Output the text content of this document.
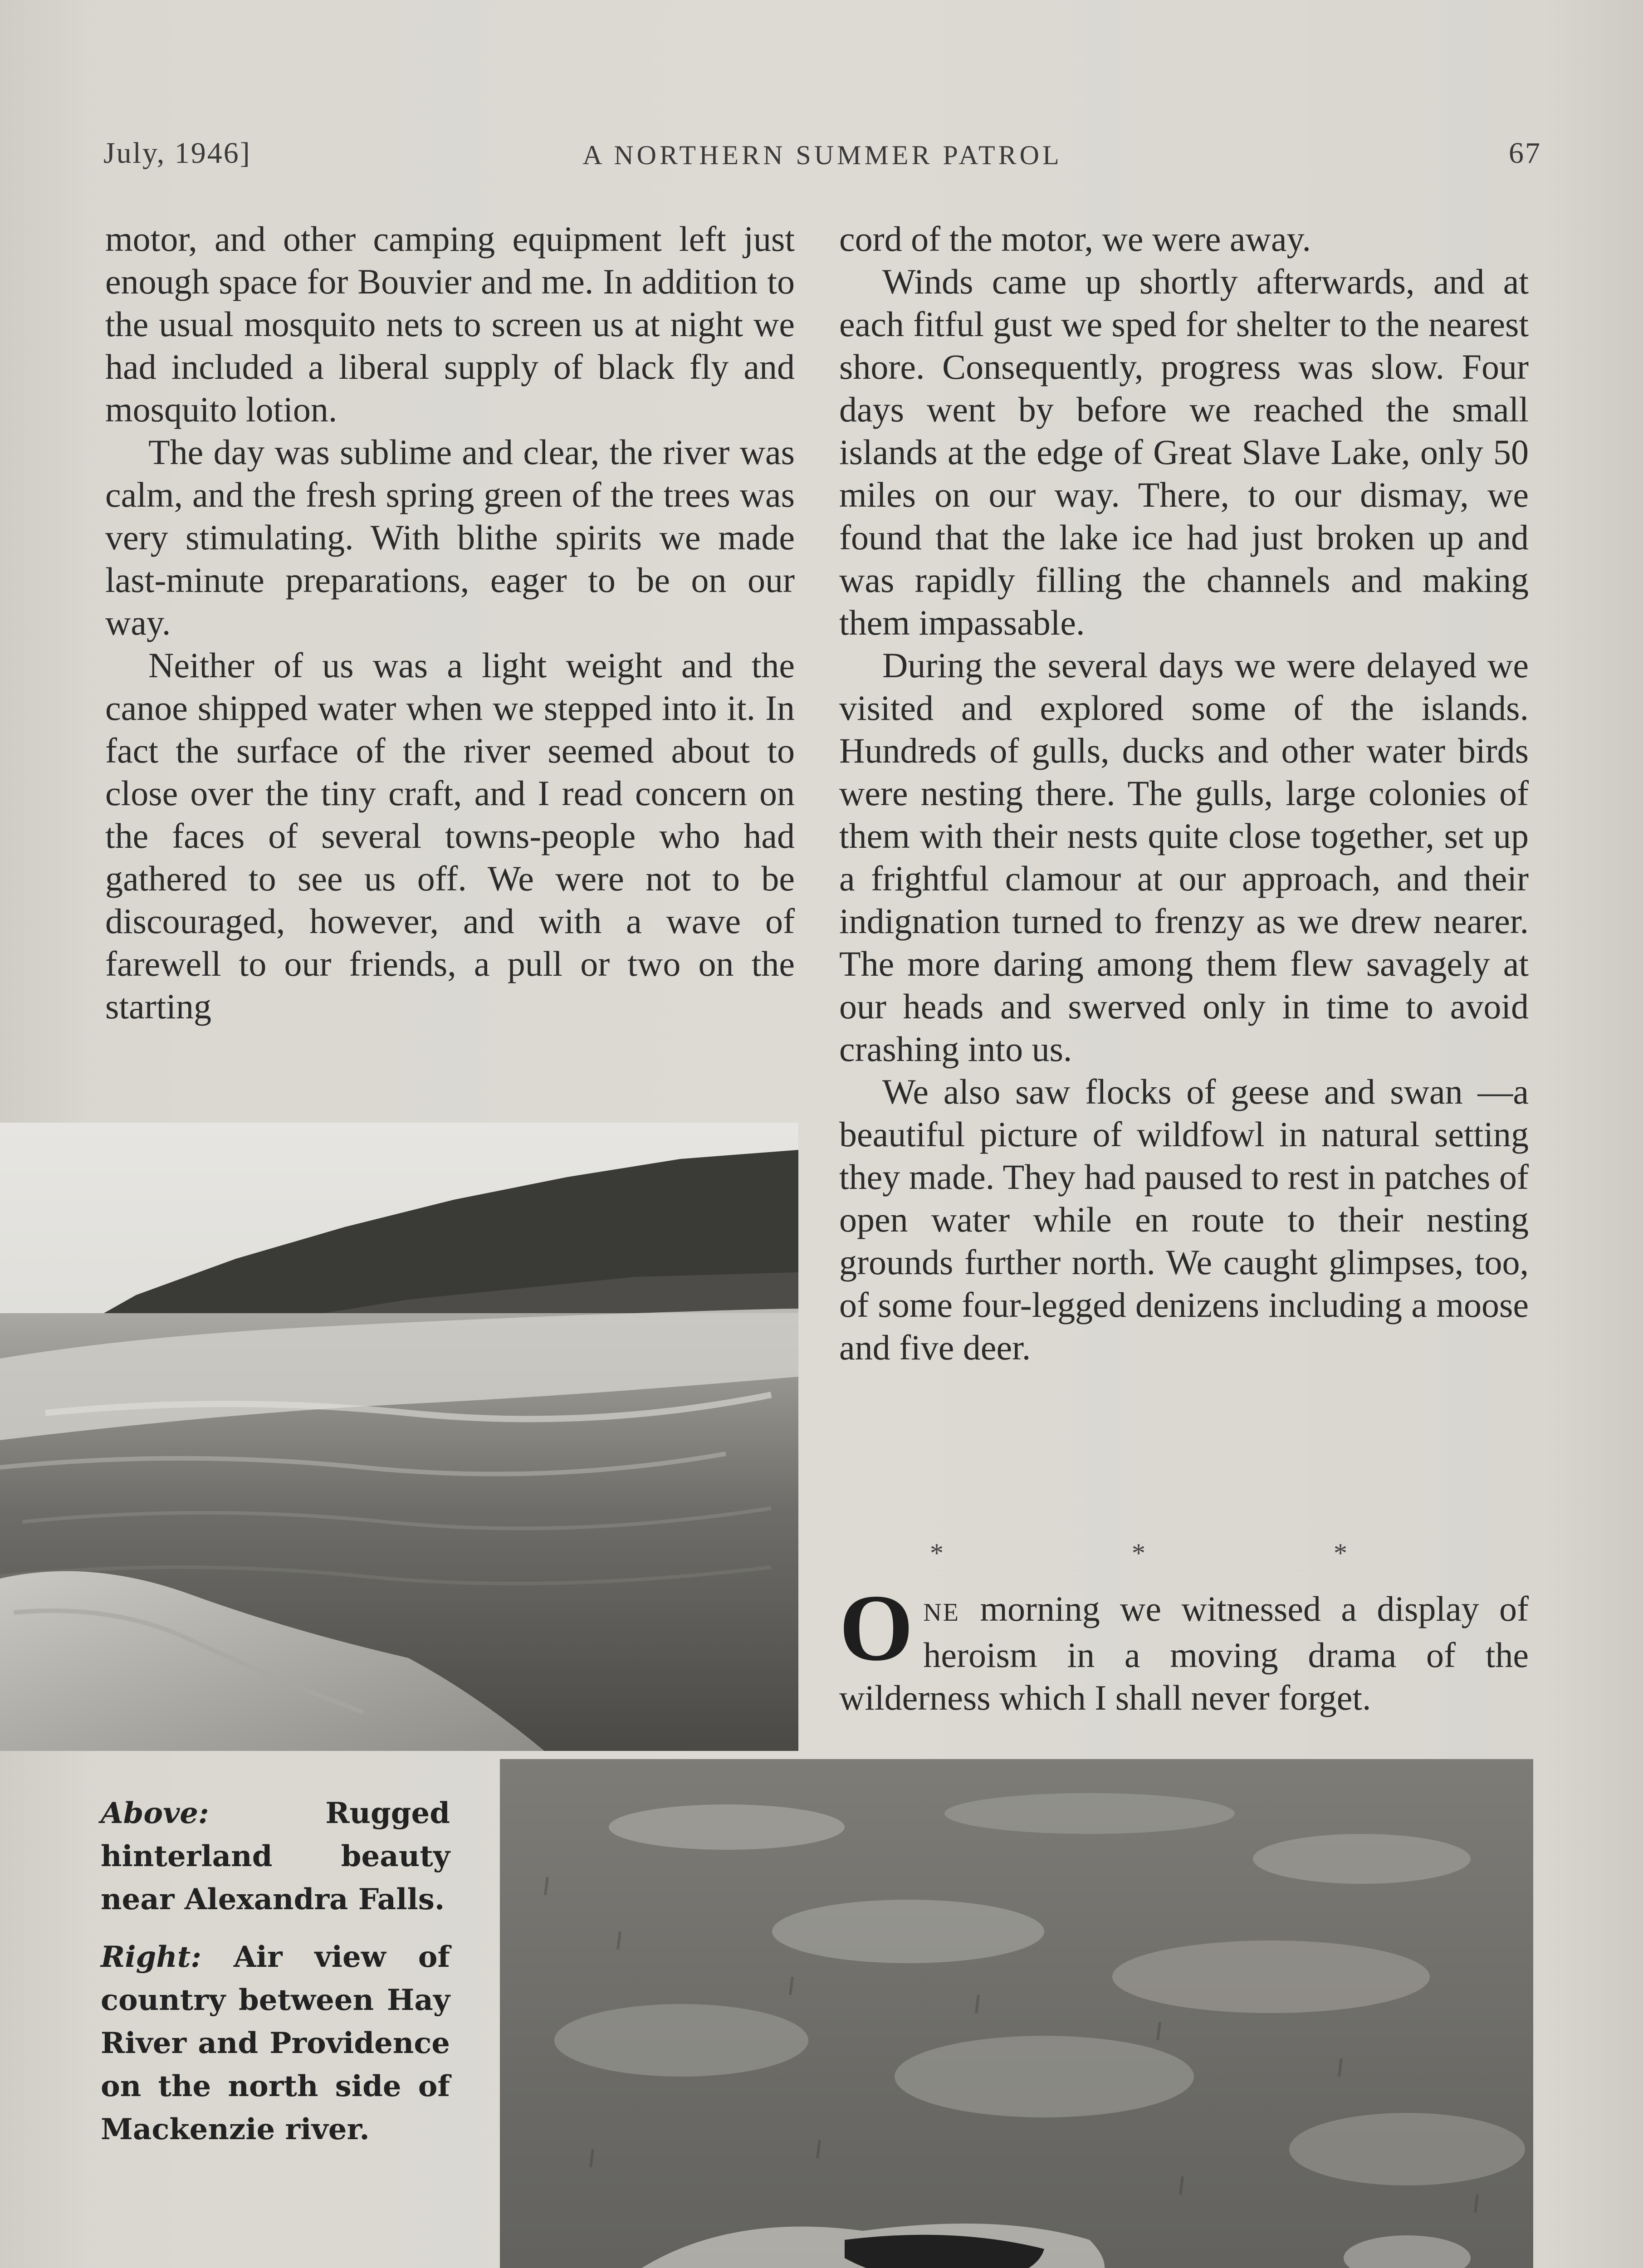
July, 1946]	A NORTHERN SUMMER PATROL	67

motor, and other camping equipment left just enough space for Bouvier and me. In addition to the usual mosquito nets to screen us at night we had included a liberal supply of black fly and mosquito lotion.

The day was sublime and clear, the river was calm, and the fresh spring green of the trees was very stimulating. With blithe spirits we made last-minute preparations, eager to be on our way.

Neither of us was a light weight and the canoe shipped water when we stepped into it. In fact the surface of the river seemed about to close over the tiny craft, and I read concern on the faces of several towns-people who had gathered to see us off. We were not to be discouraged, however, and with a wave of farewell to our friends, a pull or two on the starting

cord of the motor, we were away.

Winds came up shortly afterwards, and at each fitful gust we sped for shelter to the nearest shore. Consequently, progress was slow. Four days went by before we reached the small islands at the edge of Great Slave Lake, only 50 miles on our way. There, to our dismay, we found that the lake ice had just broken up and was rapidly filling the channels and making them impassable.

During the several days we were delayed we visited and explored some of the islands. Hundreds of gulls, ducks and other water birds were nesting there. The gulls, large colonies of them with their nests quite close together, set up a frightful clamour at our approach, and their indignation turned to frenzy as we drew nearer. The more daring among them flew savagely at our heads and swerved only in time to avoid crashing into us.

We also saw flocks of geese and swan —a beautiful picture of wildfowl in natural setting they made. They had paused to rest in patches of open water while en route to their nesting grounds further north. We caught glimpses, too, of some four-legged denizens including a moose and five deer.

* * *
ONE morning we witnessed a display of heroism in a moving drama of the wilderness which I shall never forget.

Above: Rugged hinterland beauty near Alexandra Falls.

Right: Air view of country between Hay River and Providence on the north side of Mackenzie river.
